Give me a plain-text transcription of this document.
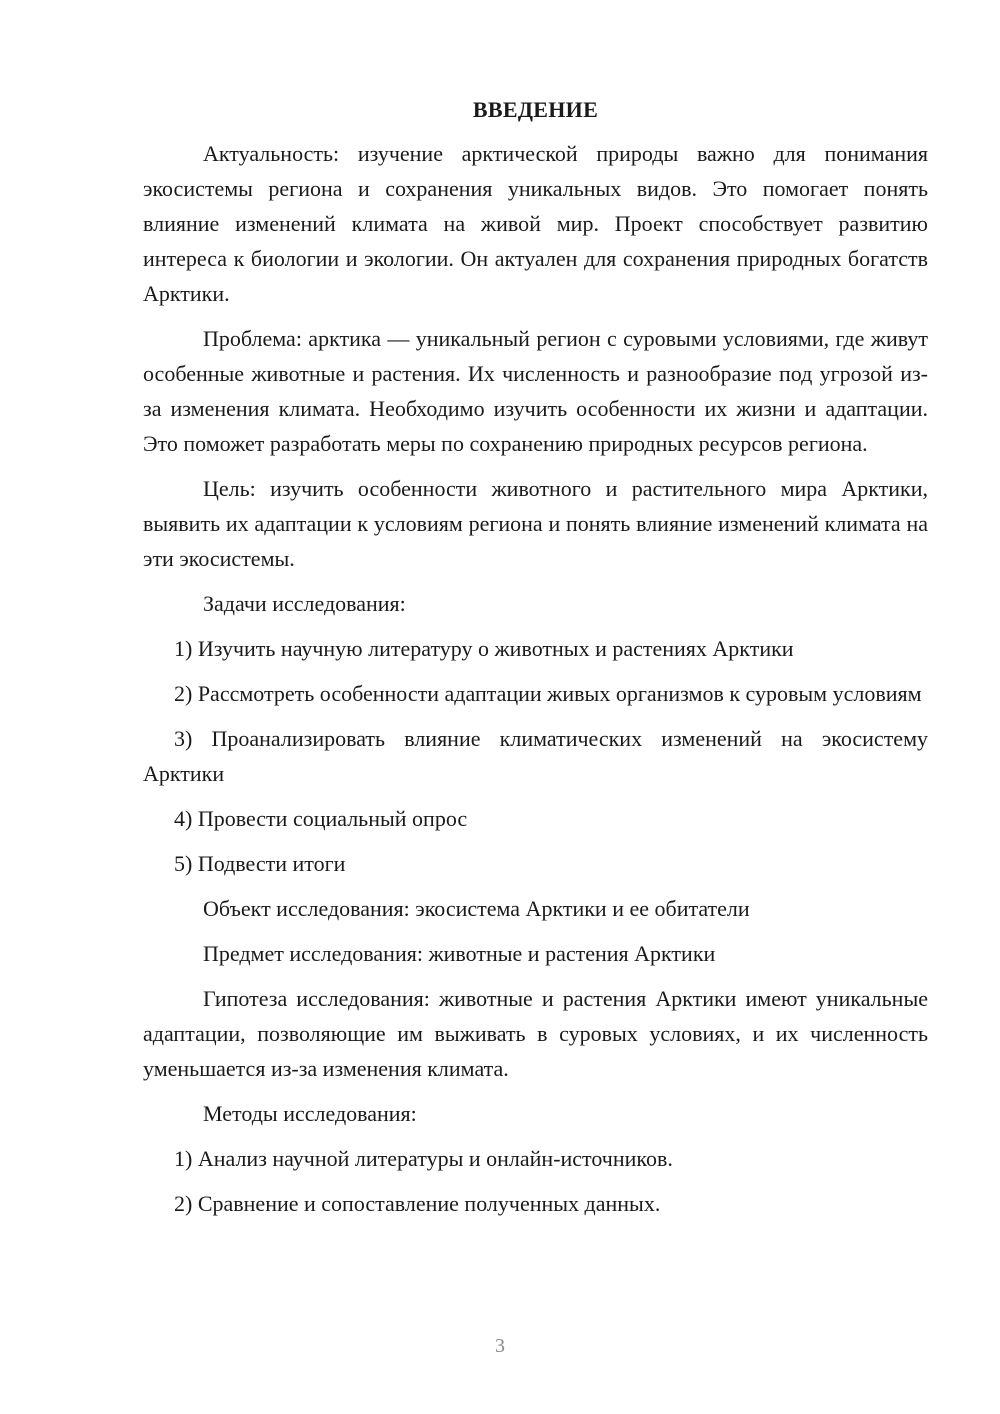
ВВЕДЕНИЕ

Актуальность: изучение арктической природы важно для понимания экосистемы региона и сохранения уникальных видов. Это помогает понять влияние изменений климата на живой мир. Проект способствует развитию интереса к биологии и экологии. Он актуален для сохранения природных богатств Арктики.

Проблема: арктика — уникальный регион с суровыми условиями, где живут особенные животные и растения. Их численность и разнообразие под угрозой из-за изменения климата. Необходимо изучить особенности их жизни и адаптации. Это поможет разработать меры по сохранению природных ресурсов региона.

Цель: изучить особенности животного и растительного мира Арктики, выявить их адаптации к условиям региона и понять влияние изменений климата на эти экосистемы.

Задачи исследования:

1) Изучить научную литературу о животных и растениях Арктики

2) Рассмотреть особенности адаптации живых организмов к суровым условиям

3) Проанализировать влияние климатических изменений на экосистему Арктики

4) Провести социальный опрос

5) Подвести итоги

Объект исследования: экосистема Арктики и ее обитатели

Предмет исследования: животные и растения Арктики

Гипотеза исследования: животные и растения Арктики имеют уникальные адаптации, позволяющие им выживать в суровых условиях, и их численность уменьшается из-за изменения климата.

Методы исследования:

1) Анализ научной литературы и онлайн-источников.

2) Сравнение и сопоставление полученных данных.

3
